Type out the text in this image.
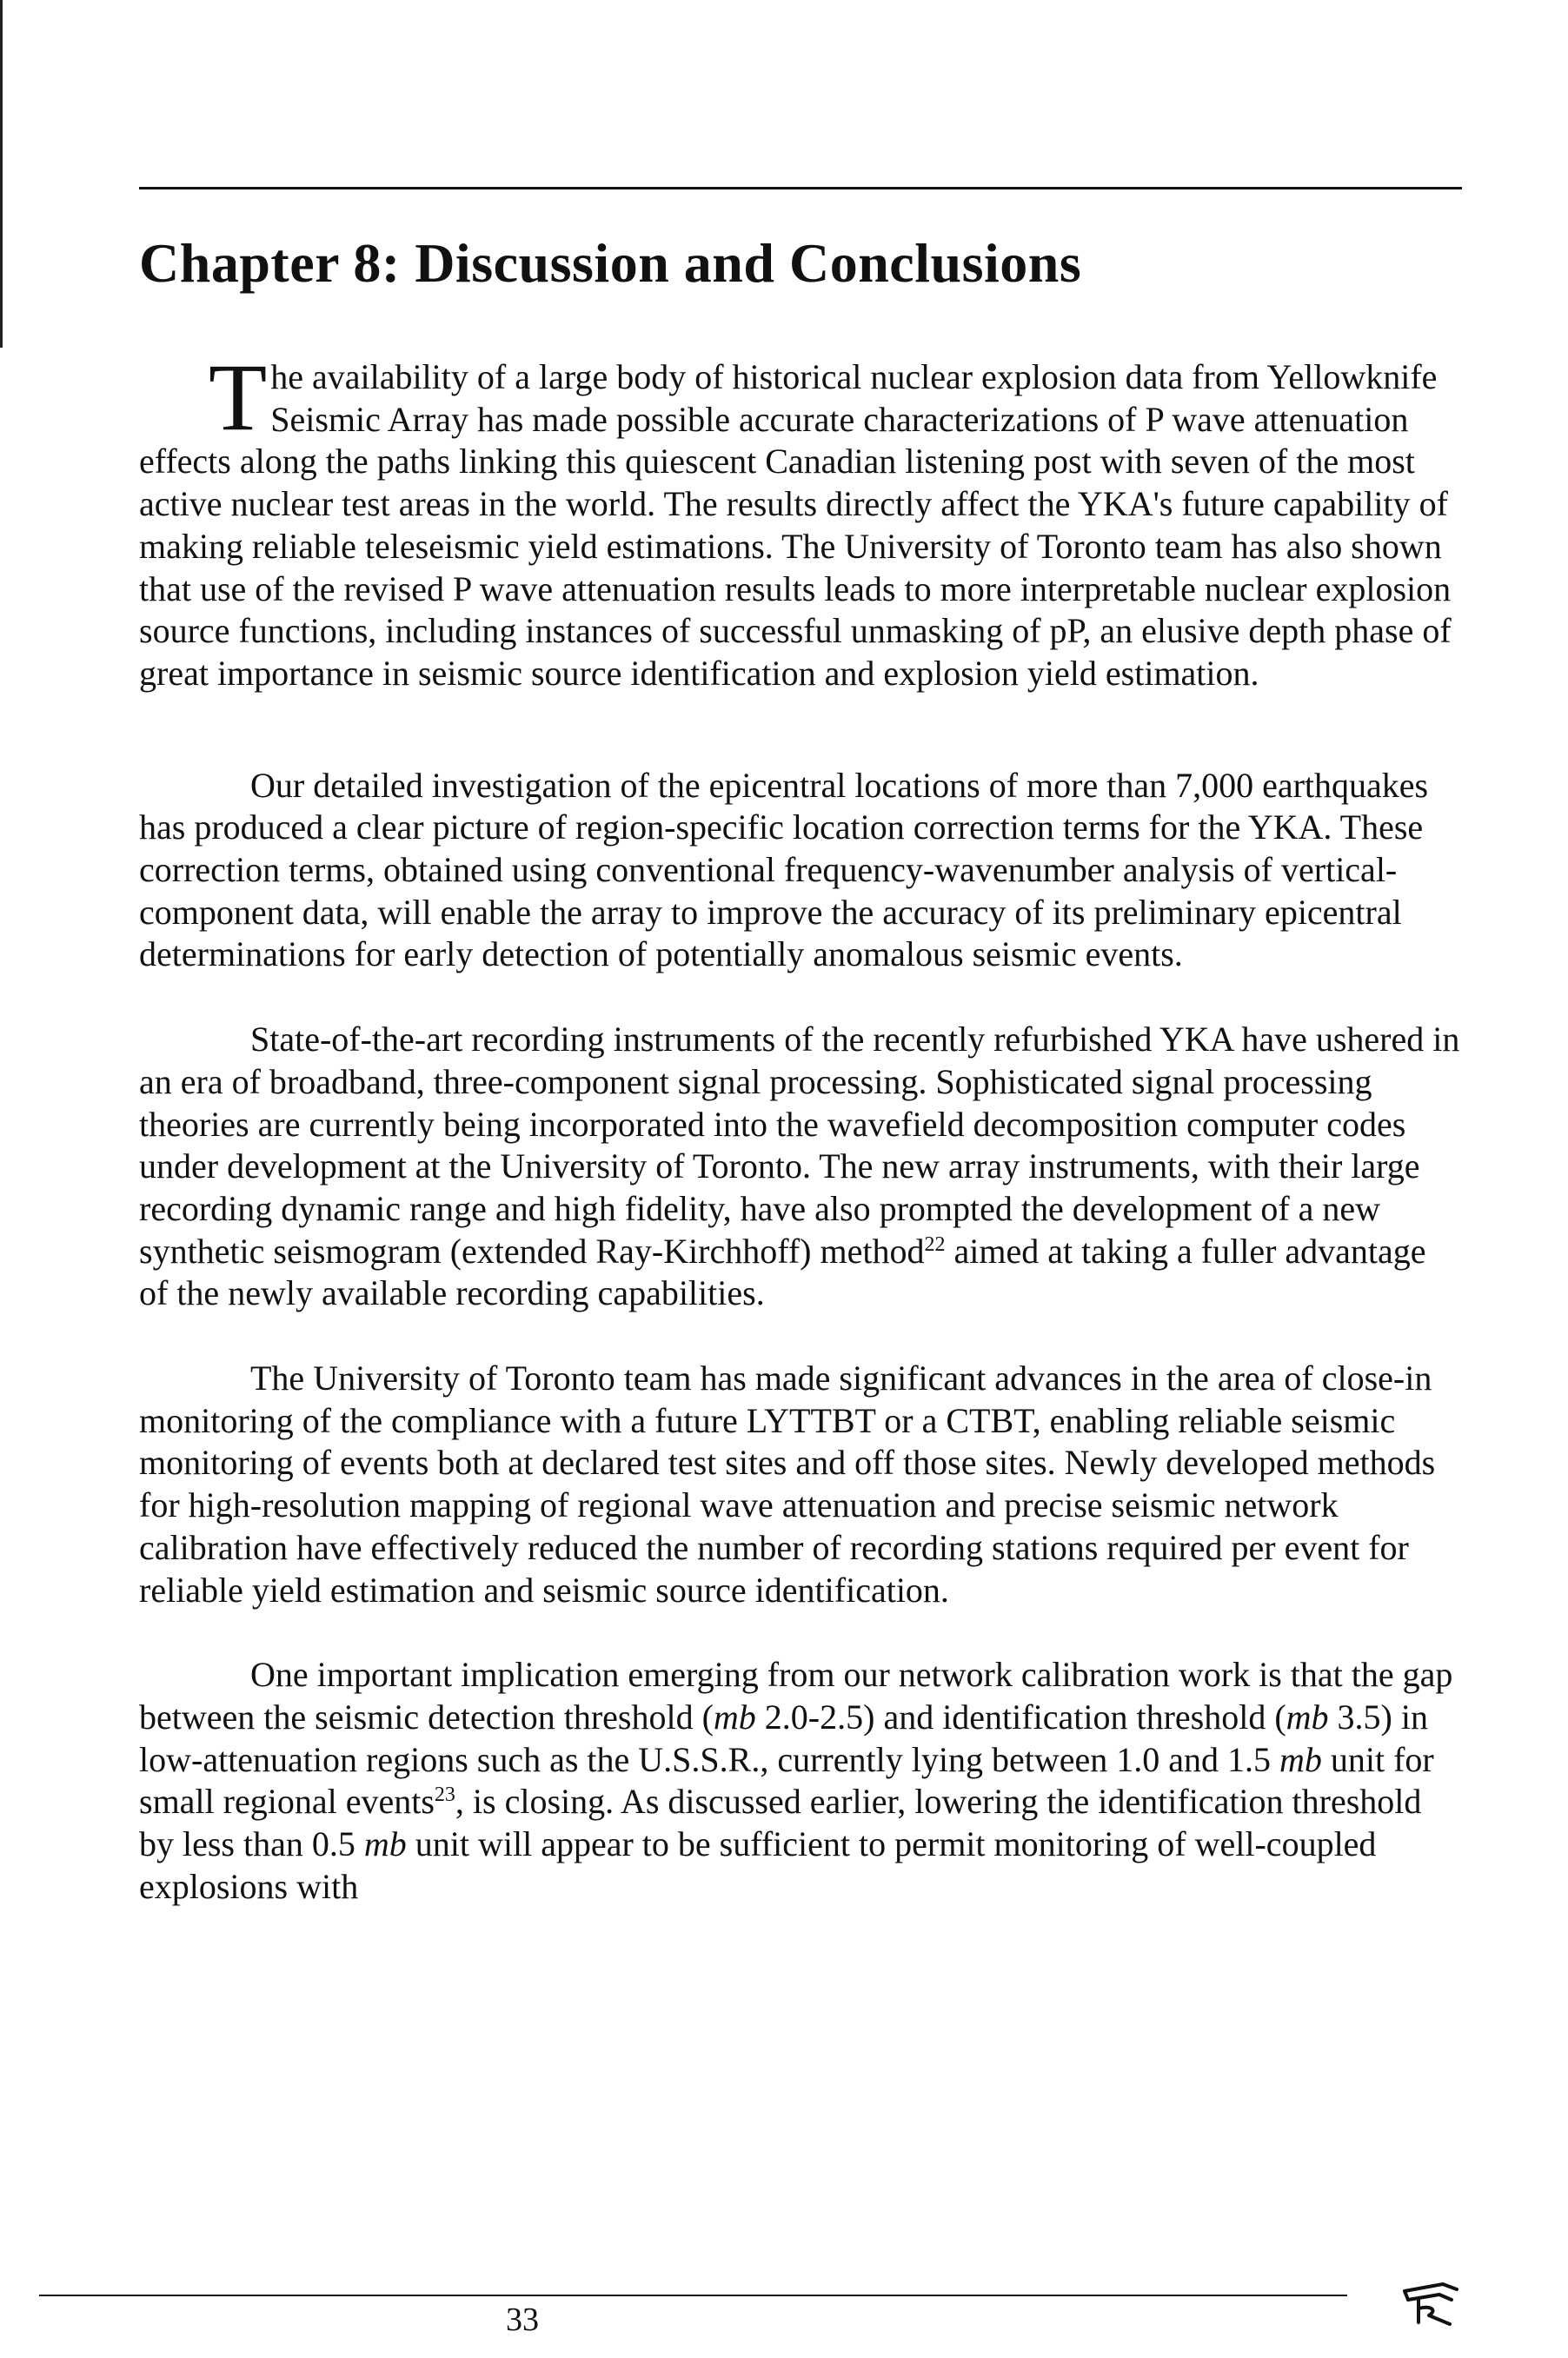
Chapter 8: Discussion and Conclusions

The availability of a large body of historical nuclear explosion data from Yellowknife Seismic Array has made possible accurate characterizations of P wave attenuation effects along the paths linking this quiescent Canadian listening post with seven of the most active nuclear test areas in the world. The results directly affect the YKA's future capability of making reliable teleseismic yield estimations. The University of Toronto team has also shown that use of the revised P wave attenuation results leads to more interpretable nuclear explosion source functions, including instances of successful unmasking of pP, an elusive depth phase of great importance in seismic source identification and explosion yield estimation.

Our detailed investigation of the epicentral locations of more than 7,000 earthquakes has produced a clear picture of region-specific location correction terms for the YKA. These correction terms, obtained using conventional frequency-wavenumber analysis of vertical-component data, will enable the array to improve the accuracy of its preliminary epicentral determinations for early detection of potentially anomalous seismic events.

State-of-the-art recording instruments of the recently refurbished YKA have ushered in an era of broadband, three-component signal processing. Sophisticated signal processing theories are currently being incorporated into the wavefield decomposition computer codes under development at the University of Toronto. The new array instruments, with their large recording dynamic range and high fidelity, have also prompted the development of a new synthetic seismogram (extended Ray-Kirchhoff) method$^{22}$ aimed at taking a fuller advantage of the newly available recording capabilities.

The University of Toronto team has made significant advances in the area of close-in monitoring of the compliance with a future LYTTBT or a CTBT, enabling reliable seismic monitoring of events both at declared test sites and off those sites. Newly developed methods for high-resolution mapping of regional wave attenuation and precise seismic network calibration have effectively reduced the number of recording stations required per event for reliable yield estimation and seismic source identification.

One important implication emerging from our network calibration work is that the gap between the seismic detection threshold (mb 2.0-2.5) and identification threshold (mb 3.5) in low-attenuation regions such as the U.S.S.R., currently lying between 1.0 and 1.5 mb unit for small regional events$^{23}$, is closing. As discussed earlier, lowering the identification threshold by less than 0.5 mb unit will appear to be sufficient to permit monitoring of well-coupled explosions with

33
